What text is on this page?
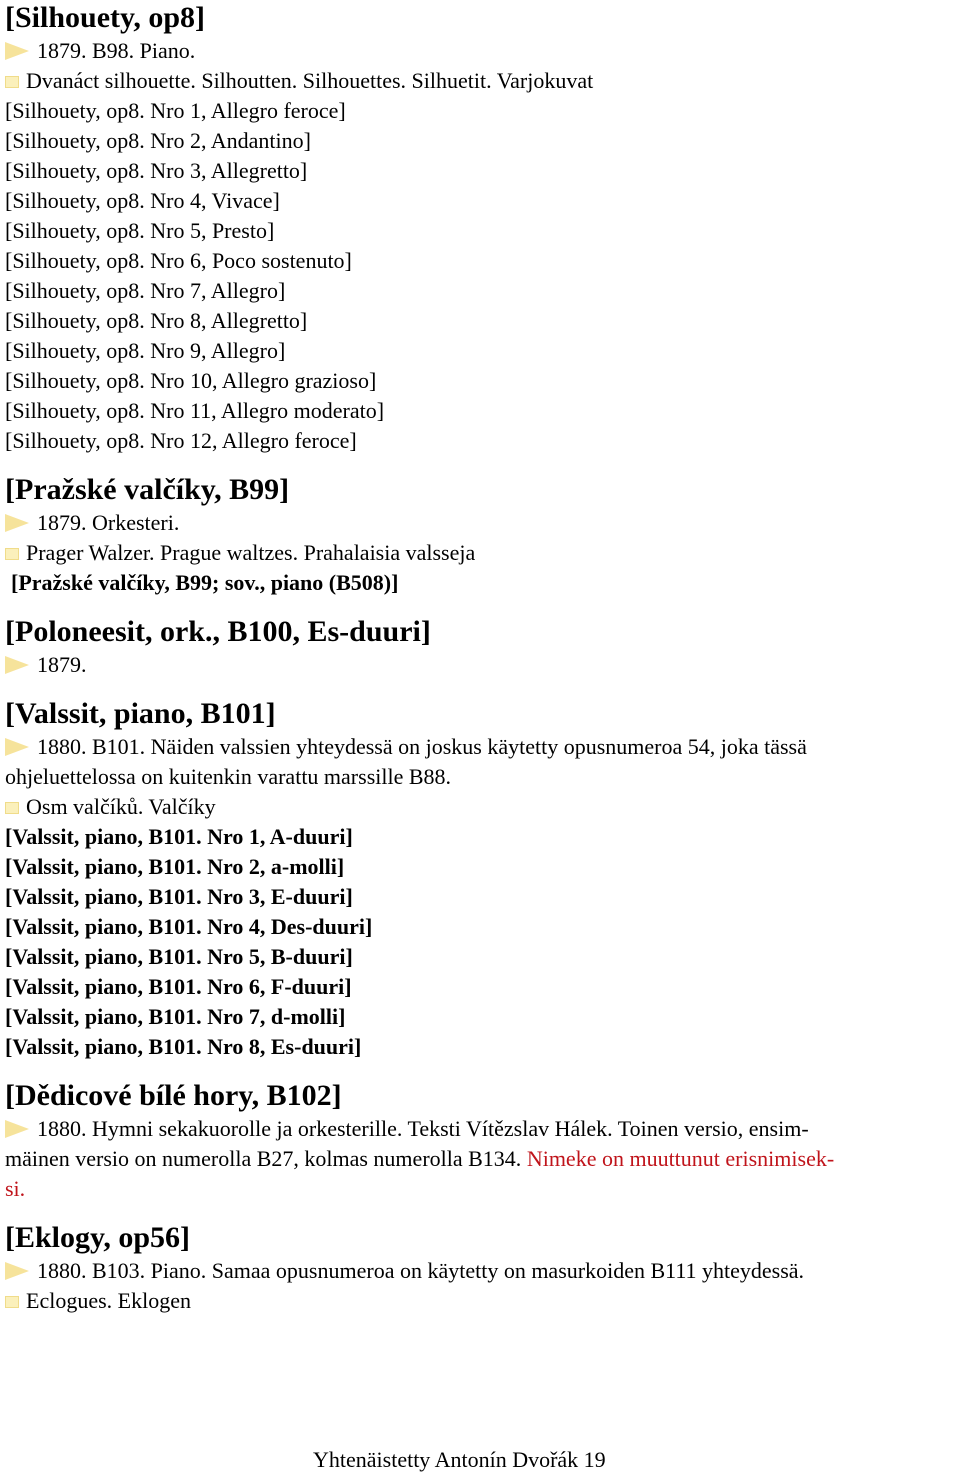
[Silhouety, op8]
1879. B98. Piano.
Dvanáct silhouette. Silhoutten. Silhouettes. Silhuetit. Varjokuvat
[Silhouety, op8. Nro 1, Allegro feroce]
[Silhouety, op8. Nro 2, Andantino]
[Silhouety, op8. Nro 3, Allegretto]
[Silhouety, op8. Nro 4, Vivace]
[Silhouety, op8. Nro 5, Presto]
[Silhouety, op8. Nro 6, Poco sostenuto]
[Silhouety, op8. Nro 7, Allegro]
[Silhouety, op8. Nro 8, Allegretto]
[Silhouety, op8. Nro 9, Allegro]
[Silhouety, op8. Nro 10, Allegro grazioso]
[Silhouety, op8. Nro 11, Allegro moderato]
[Silhouety, op8. Nro 12, Allegro feroce]
[Pražské valčíky, B99]
1879. Orkesteri.
Prager Walzer. Prague waltzes. Prahalaisia valsseja
[Pražské valčíky, B99; sov., piano (B508)]
[Poloneesit, ork., B100, Es-duuri]
1879.
[Valssit, piano, B101]
1880. B101. Näiden valssien yhteydessä on joskus käytetty opusnumeroa 54, joka tässä
ohjeluettelossa on kuitenkin varattu marssille B88.
Osm valčíků. Valčíky
[Valssit, piano, B101. Nro 1, A-duuri]
[Valssit, piano, B101. Nro 2, a-molli]
[Valssit, piano, B101. Nro 3, E-duuri]
[Valssit, piano, B101. Nro 4, Des-duuri]
[Valssit, piano, B101. Nro 5, B-duuri]
[Valssit, piano, B101. Nro 6, F-duuri]
[Valssit, piano, B101. Nro 7, d-molli]
[Valssit, piano, B101. Nro 8, Es-duuri]
[Dědicové bílé hory, B102]
1880. Hymni sekakuorolle ja orkesterille. Teksti Vítězslav Hálek. Toinen versio, ensim-
mäinen versio on numerolla B27, kolmas numerolla B134. Nimeke on muuttunut erisnimisek-
si.
[Eklogy, op56]
1880. B103. Piano. Samaa opusnumeroa on käytetty on masurkoiden B111 yhteydessä.
Eclogues. Eklogen
Yhtenäistetty Antonín Dvořák 19
